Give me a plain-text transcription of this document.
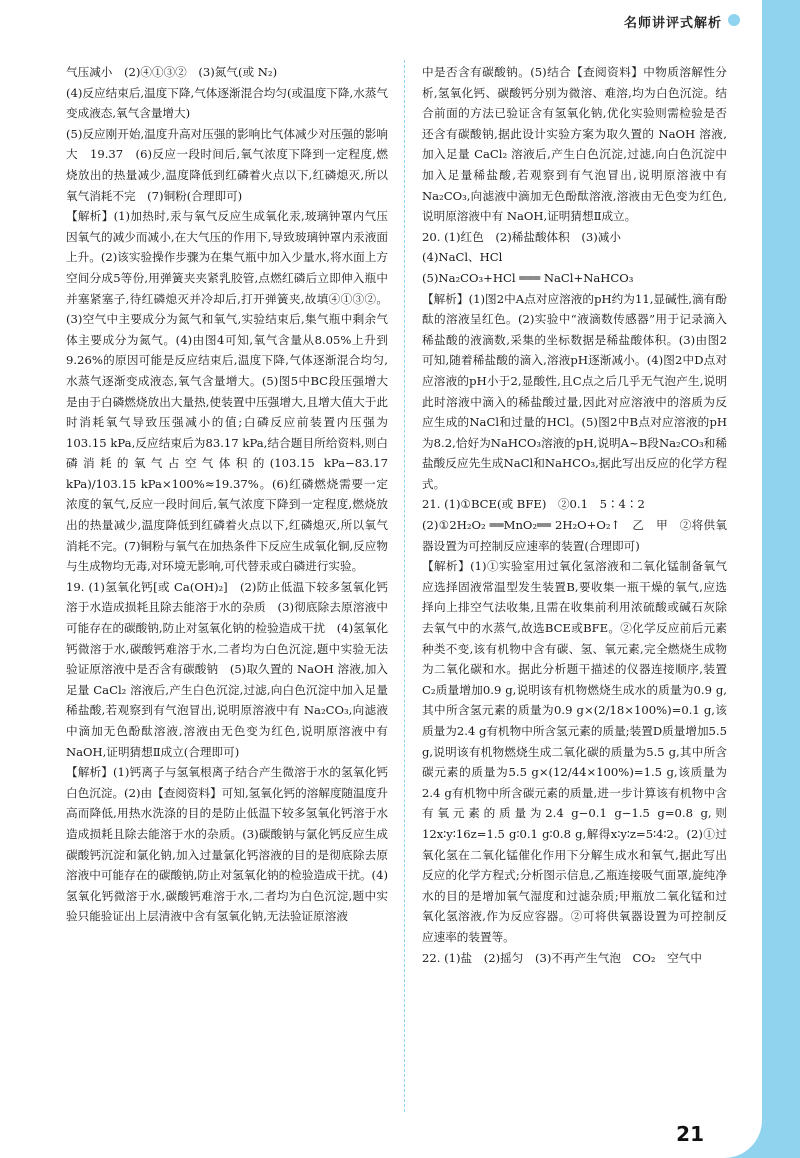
名师讲评式解析

气压减小　(2)④①③②　(3)氮气(或 N₂)

(4)反应结束后,温度下降,气体逐渐混合均匀(或温度下降,水蒸气变成液态,氧气含量增大)

(5)反应刚开始,温度升高对压强的影响比气体减少对压强的影响大　19.37　(6)反应一段时间后,氧气浓度下降到一定程度,燃烧放出的热量减少,温度降低到红磷着火点以下,红磷熄灭,所以氧气消耗不完　(7)铜粉(合理即可)

【解析】(1)加热时,汞与氧气反应生成氧化汞,玻璃钟罩内气压因氧气的减少而减小,在大气压的作用下,导致玻璃钟罩内汞液面上升。(2)该实验操作步骤为在集气瓶中加入少量水,将水面上方空间分成5等份,用弹簧夹夹紧乳胶管,点燃红磷后立即伸入瓶中并塞紧塞子,待红磷熄灭并冷却后,打开弹簧夹,故填④①③②。(3)空气中主要成分为氮气和氧气,实验结束后,集气瓶中剩余气体主要成分为氮气。(4)由图4可知,氧气含量从8.05%上升到9.26%的原因可能是反应结束后,温度下降,气体逐渐混合均匀,水蒸气逐渐变成液态,氧气含量增大。(5)图5中BC段压强增大是由于白磷燃烧放出大量热,使装置中压强增大,且增大值大于此时消耗氧气导致压强减小的值;白磷反应前装置内压强为103.15 kPa,反应结束后为83.17 kPa,结合题目所给资料,则白磷消耗的氧气占空气体积的(103.15 kPa−83.17 kPa)/103.15 kPa×100%≈19.37%。(6)红磷燃烧需要一定浓度的氧气,反应一段时间后,氧气浓度下降到一定程度,燃烧放出的热量减少,温度降低到红磷着火点以下,红磷熄灭,所以氧气消耗不完。(7)铜粉与氧气在加热条件下反应生成氧化铜,反应物与生成物均无毒,对环境无影响,可代替汞或白磷进行实验。

19. (1)氢氧化钙[或 Ca(OH)₂]　(2)防止低温下较多氢氧化钙溶于水造成损耗且除去能溶于水的杂质　(3)彻底除去原溶液中可能存在的碳酸钠,防止对氢氧化钠的检验造成干扰　(4)氢氧化钙微溶于水,碳酸钙难溶于水,二者均为白色沉淀,题中实验无法验证原溶液中是否含有碳酸钠　(5)取久置的 NaOH 溶液,加入足量 CaCl₂ 溶液后,产生白色沉淀,过滤,向白色沉淀中加入足量稀盐酸,若观察到有气泡冒出,说明原溶液中有 Na₂CO₃,向滤液中滴加无色酚酞溶液,溶液由无色变为红色,说明原溶液中有 NaOH,证明猜想Ⅱ成立(合理即可)

【解析】(1)钙离子与氢氧根离子结合产生微溶于水的氢氧化钙白色沉淀。(2)由【查阅资料】可知,氢氧化钙的溶解度随温度升高而降低,用热水洗涤的目的是防止低温下较多氢氧化钙溶于水造成损耗且除去能溶于水的杂质。(3)碳酸钠与氯化钙反应生成碳酸钙沉淀和氯化钠,加入过量氯化钙溶液的目的是彻底除去原溶液中可能存在的碳酸钠,防止对氢氧化钠的检验造成干扰。(4)氢氧化钙微溶于水,碳酸钙难溶于水,二者均为白色沉淀,题中实验只能验证出上层清液中含有氢氧化钠,无法验证原溶液

中是否含有碳酸钠。(5)结合【查阅资料】中物质溶解性分析,氢氧化钙、碳酸钙分别为微溶、难溶,均为白色沉淀。结合前面的方法已验证含有氢氧化钠,优化实验则需检验是否还含有碳酸钠,据此设计实验方案为取久置的 NaOH 溶液,加入足量 CaCl₂ 溶液后,产生白色沉淀,过滤,向白色沉淀中加入足量稀盐酸,若观察到有气泡冒出,说明原溶液中有 Na₂CO₃,向滤液中滴加无色酚酞溶液,溶液由无色变为红色,说明原溶液中有 NaOH,证明猜想Ⅱ成立。

20. (1)红色　(2)稀盐酸体积　(3)减小

(4)NaCl、HCl

(5)Na₂CO₃+HCl ═══ NaCl+NaHCO₃

【解析】(1)图2中A点对应溶液的pH约为11,显碱性,滴有酚酞的溶液呈红色。(2)实验中“液滴数传感器”用于记录滴入稀盐酸的液滴数,采集的坐标数据是稀盐酸体积。(3)由图2可知,随着稀盐酸的滴入,溶液pH逐渐减小。(4)图2中D点对应溶液的pH小于2,显酸性,且C点之后几乎无气泡产生,说明此时溶液中滴入的稀盐酸过量,因此对应溶液中的溶质为反应生成的NaCl和过量的HCl。(5)图2中B点对应溶液的pH为8.2,恰好为NaHCO₃溶液的pH,说明A~B段Na₂CO₃和稀盐酸反应先生成NaCl和NaHCO₃,据此写出反应的化学方程式。

21. (1)①BCE(或 BFE)　②0.1　5∶4∶2

(2)①2H₂O₂ ══MnO₂══ 2H₂O+O₂↑　乙　甲　②将供氧器设置为可控制反应速率的装置(合理即可)

【解析】(1)①实验室用过氧化氢溶液和二氧化锰制备氧气应选择固液常温型发生装置B,要收集一瓶干燥的氧气,应选择向上排空气法收集,且需在收集前利用浓硫酸或碱石灰除去氧气中的水蒸气,故选BCE或BFE。②化学反应前后元素种类不变,该有机物中含有碳、氢、氧元素,完全燃烧生成物为二氧化碳和水。据此分析题干描述的仪器连接顺序,装置C₂质量增加0.9 g,说明该有机物燃烧生成水的质量为0.9 g,其中所含氢元素的质量为0.9 g×(2/18×100%)=0.1 g,该质量为2.4 g有机物中所含氢元素的质量;装置D质量增加5.5 g,说明该有机物燃烧生成二氧化碳的质量为5.5 g,其中所含碳元素的质量为5.5 g×(12/44×100%)=1.5 g,该质量为2.4 g有机物中所含碳元素的质量,进一步计算该有机物中含有氧元素的质量为2.4 g−0.1 g−1.5 g=0.8 g,则12x∶y∶16z=1.5 g∶0.1 g∶0.8 g,解得x∶y∶z=5∶4∶2。(2)①过氧化氢在二氧化锰催化作用下分解生成水和氧气,据此写出反应的化学方程式;分析图示信息,乙瓶连接吸气面罩,旋纯净水的目的是增加氧气湿度和过滤杂质;甲瓶放二氧化锰和过氧化氢溶液,作为反应容器。②可将供氧器设置为可控制反应速率的装置等。

22. (1)盐　(2)摇匀　(3)不再产生气泡　CO₂　空气中

21
